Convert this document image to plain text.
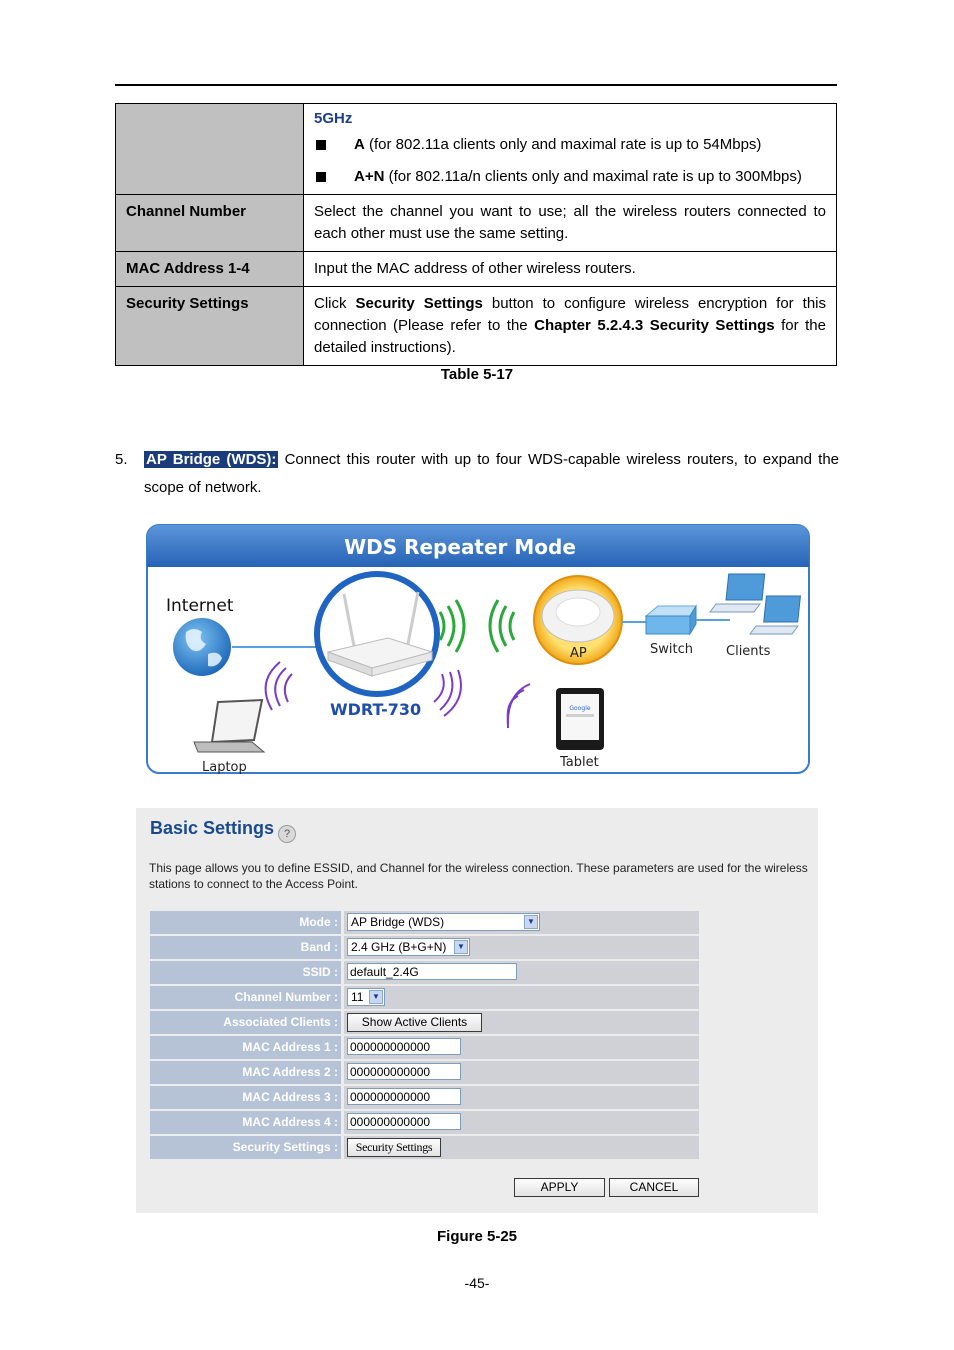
	5GHz
A (for 802.11a clients only and maximal rate is up to 54Mbps)
A+N (for 802.11a/n clients only and maximal rate is up to 300Mbps)

Channel Number	Select the channel you want to use; all the wireless routers connected to each other must use the same setting.
MAC Address 1-4	Input the MAC address of other wireless routers.
Security Settings	Click Security Settings button to configure wireless encryption for this connection (Please refer to the Chapter 5.2.4.3 Security Settings for the detailed instructions).
Table 5-17
5. AP Bridge (WDS): Connect this router with up to four WDS-capable wireless routers, to expand the scope of network.
WDS Repeater Mode
Internet
WDRT-730
AP	Switch	Clients
Laptop
Google
Tablet
Basic Settings ?
This page allows you to define ESSID, and Channel for the wireless connection. These parameters are used for the wireless stations to connect to the Access Point.
Mode :	AP Bridge (WDS)	▼
Band :	2.4 GHz (B+G+N)	▼
SSID : default_2.4G
Channel Number :	11	▼
Associated Clients :	Show Active Clients
MAC Address 1 : 000000000000
MAC Address 2 : 000000000000
MAC Address 3 : 000000000000
MAC Address 4 : 000000000000
Security Settings :	Security Settings
APPLY	CANCEL
Figure 5-25
-45-
